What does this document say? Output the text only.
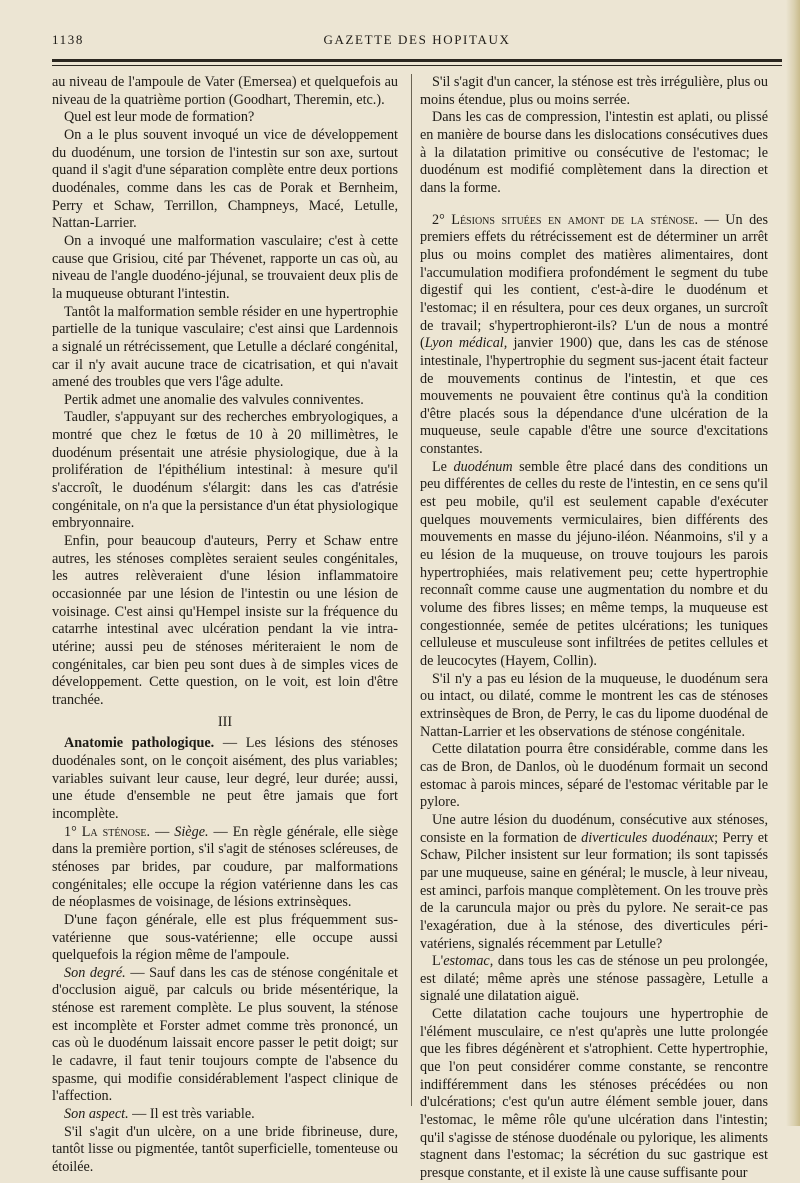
1138	GAZETTE DES HOPITAUX

au niveau de l'ampoule de Vater (Emersea) et quelquefois au niveau de la quatrième portion (Goodhart, Theremin, etc.).

Quel est leur mode de formation?

On a le plus souvent invoqué un vice de développement du duodénum, une torsion de l'intestin sur son axe, surtout quand il s'agit d'une séparation complète entre deux portions duodénales, comme dans les cas de Porak et Bernheim, Perry et Schaw, Terrillon, Champneys, Macé, Letulle, Nattan-Larrier.

On a invoqué une malformation vasculaire; c'est à cette cause que Grisiou, cité par Thévenet, rapporte un cas où, au niveau de l'angle duodéno-jéjunal, se trouvaient deux plis de la muqueuse obturant l'intestin.

Tantôt la malformation semble résider en une hypertrophie partielle de la tunique vasculaire; c'est ainsi que Lardennois a signalé un rétrécissement, que Letulle a déclaré congénital, car il n'y avait aucune trace de cicatrisation, et qui n'avait amené des troubles que vers l'âge adulte.

Pertik admet une anomalie des valvules conniventes.

Taudler, s'appuyant sur des recherches embryologiques, a montré que chez le fœtus de 10 à 20 millimètres, le duodénum présentait une atrésie physiologique, due à la prolifération de l'épithélium intestinal: à mesure qu'il s'accroît, le duodénum s'élargit: dans les cas d'atrésie congénitale, on n'a que la persistance d'un état physiologique embryonnaire.

Enfin, pour beaucoup d'auteurs, Perry et Schaw entre autres, les sténoses complètes seraient seules congénitales, les autres relèveraient d'une lésion inflammatoire occasionnée par une lésion de l'intestin ou une lésion de voisinage. C'est ainsi qu'Hempel insiste sur la fréquence du catarrhe intestinal avec ulcération pendant la vie intra-utérine; aussi peu de sténoses mériteraient le nom de congénitales, car bien peu sont dues à de simples vices de développement. Cette question, on le voit, est loin d'être tranchée.

III

Anatomie pathologique. — Les lésions des sténoses duodénales sont, on le conçoit aisément, des plus variables; variables suivant leur cause, leur degré, leur durée; aussi, une étude d'ensemble ne peut être jamais que fort incomplète.

1° La sténose. — Siège. — En règle générale, elle siège dans la première portion, s'il s'agit de sténoses scléreuses, de sténoses par brides, par coudure, par malformations congénitales; elle occupe la région vatérienne dans les cas de néoplasmes de voisinage, de lésions extrinsèques.

D'une façon générale, elle est plus fréquemment sus-vatérienne que sous-vatérienne; elle occupe aussi quelquefois la région même de l'ampoule.

Son degré. — Sauf dans les cas de sténose congénitale et d'occlusion aiguë, par calculs ou bride mésentérique, la sténose est rarement complète. Le plus souvent, la sténose est incomplète et Forster admet comme très prononcé, un cas où le duodénum laissait encore passer le petit doigt; sur le cadavre, il faut tenir toujours compte de l'absence du spasme, qui modifie considérablement l'aspect clinique de l'affection.

Son aspect. — Il est très variable.

S'il s'agit d'un ulcère, on a une bride fibrineuse, dure, tantôt lisse ou pigmentée, tantôt superficielle, tomenteuse ou étoilée.

S'il s'agit d'un cancer, la sténose est très irrégulière, plus ou moins étendue, plus ou moins serrée.

Dans les cas de compression, l'intestin est aplati, ou plissé en manière de bourse dans les dislocations consécutives dues à la dilatation primitive ou consécutive de l'estomac; le duodénum est modifié complètement dans la direction et dans la forme.

2° Lésions situées en amont de la sténose. — Un des premiers effets du rétrécissement est de déterminer un arrêt plus ou moins complet des matières alimentaires, dont l'accumulation modifiera profondément le segment du tube digestif qui les contient, c'est-à-dire le duodénum et l'estomac; il en résultera, pour ces deux organes, un surcroît de travail; s'hypertrophieront-ils? L'un de nous a montré (Lyon médical, janvier 1900) que, dans les cas de sténose intestinale, l'hypertrophie du segment sus-jacent était facteur de mouvements continus de l'intestin, et que ces mouvements ne pouvaient être continus qu'à la condition d'être placés sous la dépendance d'une ulcération de la muqueuse, seule capable d'être une source d'excitations constantes.

Le duodénum semble être placé dans des conditions un peu différentes de celles du reste de l'intestin, en ce sens qu'il est peu mobile, qu'il est seulement capable d'exécuter quelques mouvements vermiculaires, bien différents des mouvements en masse du jéjuno-iléon. Néanmoins, s'il y a eu lésion de la muqueuse, on trouve toujours les parois hypertrophiées, mais relativement peu; cette hypertrophie reconnaît comme cause une augmentation du nombre et du volume des fibres lisses; en même temps, la muqueuse est congestionnée, semée de petites ulcérations; les tuniques celluleuse et musculeuse sont infiltrées de petites cellules et de leucocytes (Hayem, Collin).

S'il n'y a pas eu lésion de la muqueuse, le duodénum sera ou intact, ou dilaté, comme le montrent les cas de sténoses extrinsèques de Bron, de Perry, le cas du lipome duodénal de Nattan-Larrier et les observations de sténose congénitale.

Cette dilatation pourra être considérable, comme dans les cas de Bron, de Danlos, où le duodénum formait un second estomac à parois minces, séparé de l'estomac véritable par le pylore.

Une autre lésion du duodénum, consécutive aux sténoses, consiste en la formation de diverticules duodénaux; Perry et Schaw, Pilcher insistent sur leur formation; ils sont tapissés par une muqueuse, saine en général; le muscle, à leur niveau, est aminci, parfois manque complètement. On les trouve près de la caruncula major ou près du pylore. Ne serait-ce pas l'exagération, due à la sténose, des diverticules péri-vatériens, signalés récemment par Letulle?

L'estomac, dans tous les cas de sténose un peu prolongée, est dilaté; même après une sténose passagère, Letulle a signalé une dilatation aiguë.

Cette dilatation cache toujours une hypertrophie de l'élément musculaire, ce n'est qu'après une lutte prolongée que les fibres dégénèrent et s'atrophient. Cette hypertrophie, que l'on peut considérer comme constante, se rencontre indifféremment dans les sténoses précédées ou non d'ulcérations; c'est qu'un autre élément semble jouer, dans l'estomac, le même rôle qu'une ulcération dans l'intestin; qu'il s'agisse de sténose duodénale ou pylorique, les aliments stagnent dans l'estomac; la sécrétion du suc gastrique est presque constante, et il existe là une cause suffisante pour
